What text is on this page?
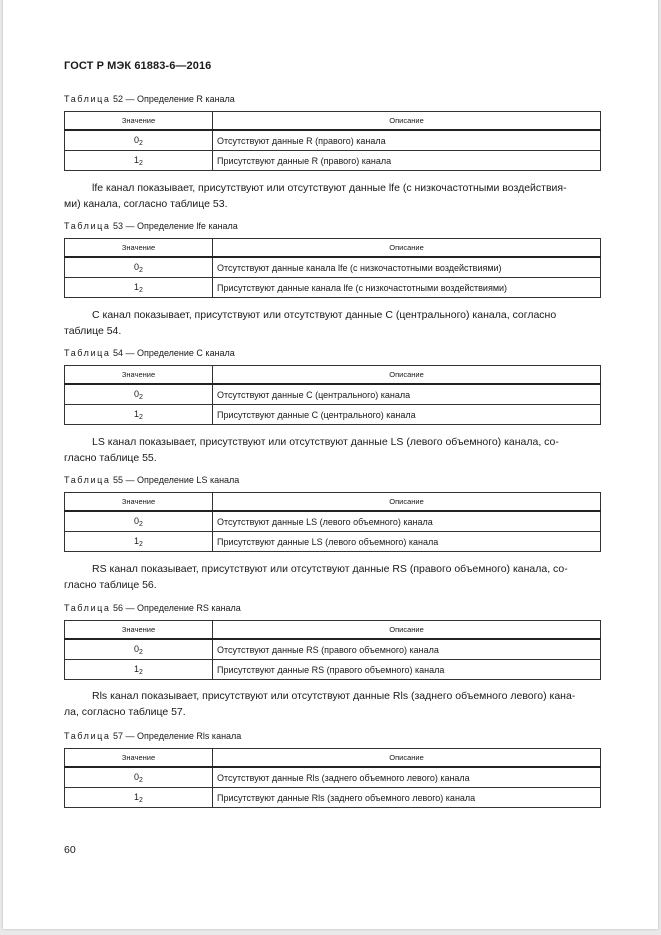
ГОСТ Р МЭК 61883-6—2016
Таблица 52 — Определение R канала
Значение	Описание
$0_2$	Отсутствуют данные R (правого) канала
$1_2$	Присутствуют данные R (правого) канала
lfe канал показывает, присутствуют или отсутствуют данные lfe (с низкочастотными воздействия-
ми) канала, согласно таблице 53.
Таблица 53 — Определение lfe канала
Значение	Описание
$0_2$	Отсутствуют данные канала lfe (с низкочастотными воздействиями)
$1_2$	Присутствуют данные канала lfe (с низкочастотными воздействиями)
С канал показывает, присутствуют или отсутствуют данные С (центрального) канала, согласно
таблице 54.
Таблица 54 — Определение С канала
Значение	Описание
$0_2$	Отсутствуют данные С (центрального) канала
$1_2$	Присутствуют данные С (центрального) канала
LS канал показывает, присутствуют или отсутствуют данные LS (левого объемного) канала, со-
гласно таблице 55.
Таблица 55 — Определение LS канала
Значение	Описание
$0_2$	Отсутствуют данные LS (левого объемного) канала
$1_2$	Присутствуют данные LS (левого объемного) канала
RS канал показывает, присутствуют или отсутствуют данные RS (правого объемного) канала, со-
гласно таблице 56.
Таблица 56 — Определение RS канала
Значение	Описание
$0_2$	Отсутствуют данные RS (правого объемного) канала
$1_2$	Присутствуют данные RS (правого объемного) канала
Rls канал показывает, присутствуют или отсутствуют данные Rls (заднего объемного левого) кана-
ла, согласно таблице 57.
Таблица 57 — Определение Rls канала
Значение	Описание
$0_2$	Отсутствуют данные Rls (заднего объемного левого) канала
$1_2$	Присутствуют данные Rls (заднего объемного левого) канала
60
